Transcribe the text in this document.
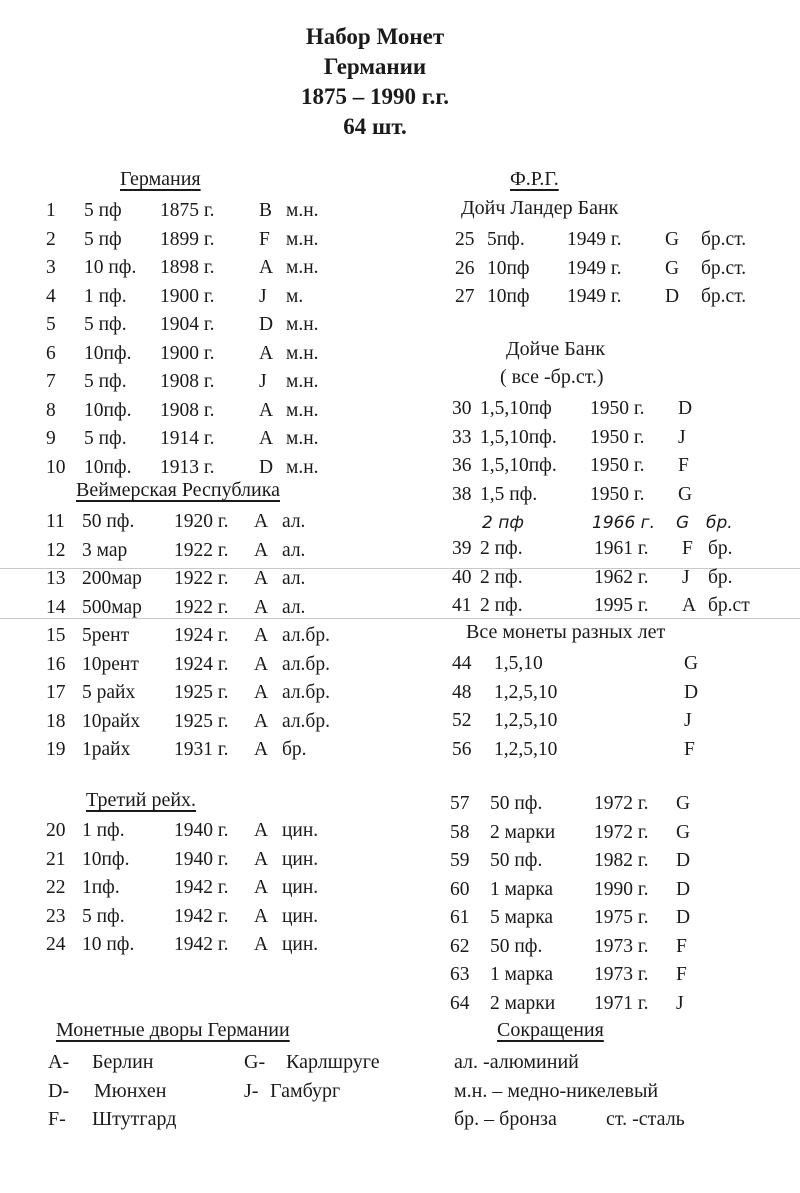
Набор Монет
Германии
1875 – 1990 г.г.
64 шт.
Германия
1 5 пф 1875 г. B м.н.
2 5 пф 1899 г. F м.н.
3 10 пф. 1898 г. A м.н.
4 1 пф. 1900 г. J м.
5 5 пф. 1904 г. D м.н.
6 10пф. 1900 г. A м.н.
7 5 пф. 1908 г. J м.н.
8 10пф. 1908 г. A м.н.
9 5 пф. 1914 г. A м.н.
10 10пф. 1913 г. D м.н.
Веймерская Республика
11 50 пф. 1920 г. A ал.
12 3 мар 1922 г. A ал.
13 200мар 1922 г. A ал.
14 500мар 1922 г. A ал.
15 5рент 1924 г. A ал.бр.
16 10рент 1924 г. A ал.бр.
17 5 райх 1925 г. A ал.бр.
18 10райх 1925 г. A ал.бр.
19 1райх 1931 г. A бр.
Третий рейх.
20 1 пф.	1940 г. A цин.
21 10пф. 1940 г. A цин.
22 1пф.	1942 г. A цин.
23 5 пф.	1942 г. A цин.
24 10 пф. 1942 г. A цин.
Ф.Р.Г.
Дойч Ландер Банк
25 5пф. 1949 г. G бр.ст.
26 10пф 1949 г. G бр.ст.
27 10пф 1949 г. D бр.ст.
Дойче Банк
( все -бр.ст.)
30 1,5,10пф 1950 г. D
33 1,5,10пф. 1950 г. J
36 1,5,10пф. 1950 г. F
38 1,5 пф.	1950 г. G
2 пф	1966 г. G бр.
39 2 пф.	1961 г. F бр.
40 2 пф.	1962 г. J бр.
41 2 пф.	1995 г. A бр.ст
Все монеты разных лет
44 1,5,10	G
48 1,2,5,10	D
52 1,2,5,10	J
56 1,2,5,10	F
57 50 пф.	1972 г. G
58 2 марки 1972 г. G
59 50 пф.	1982 г. D
60 1 марка 1990 г. D
61 5 марка 1975 г. D
62 50 пф.	1973 г. F
63 1 марка 1973 г. F
64 2 марки 1971 г. J
Монетные дворы Германии
A- Берлин	G- Карлшруге
D- Мюнхен	J- Гамбург
F- Штутгард
Сокращения
ал. -алюминий
м.н. – медно-никелевый
бр. – бронза ст. -сталь
